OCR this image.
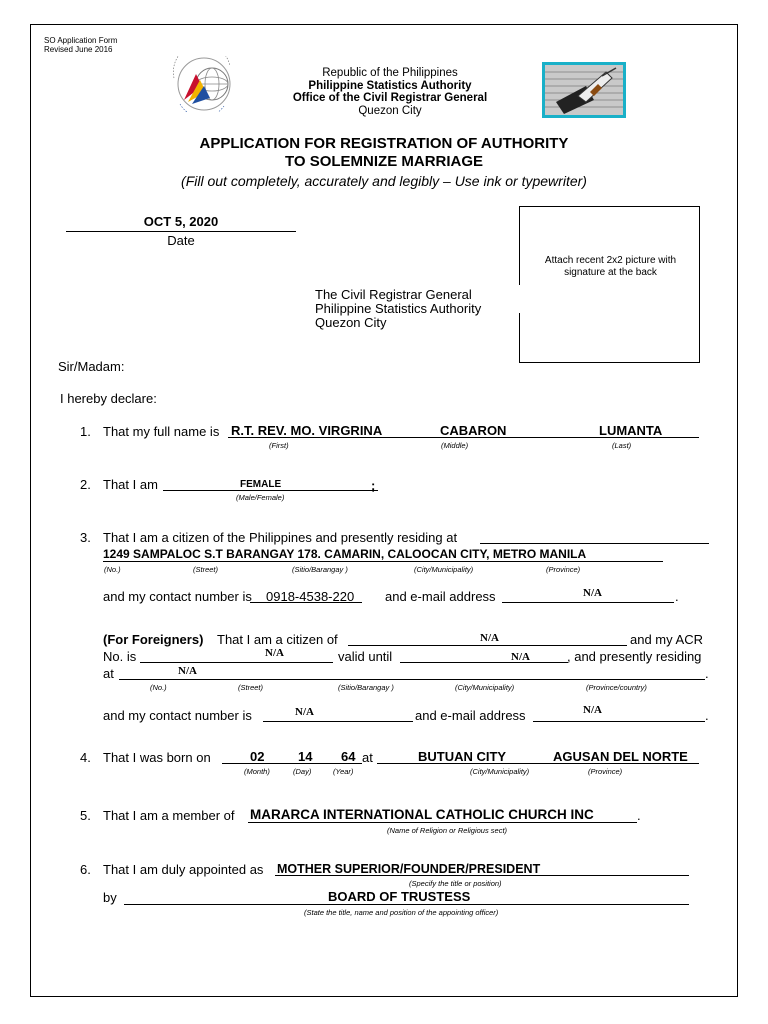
SO Application Form
Revised June 2016
Republic of the Philippines
Philippine Statistics Authority
Office of the Civil Registrar General
Quezon City
APPLICATION FOR REGISTRATION OF AUTHORITY
TO SOLEMNIZE MARRIAGE
(Fill out completely, accurately and legibly – Use ink or typewriter)
OCT 5, 2020
Date
Attach recent 2x2 picture with
signature at the back
The Civil Registrar General
Philippine Statistics Authority
Quezon City
Sir/Madam:
I hereby declare:
1. That my full name is R.T. REV. MO. VIRGRINA	CABARON	LUMANTA
(First)	(Middle)	(Last)
2. That I am	FEMALE	;
(Male/Female)
3. That I am a citizen of the Philippines and presently residing at
1249 SAMPALOC S.T BARANGAY 178. CAMARIN, CALOOCAN CITY, METRO MANILA
(No.)	(Street)	(Sitio/Barangay )	(City/Municipality)	(Province)
and my contact number is 0918-4538-220 and e-mail address	N/A	.
(For Foreigners) That I am a citizen of	N/A	and my ACR
No. is	N/A	valid until	N/A	, and presently residing
at	N/A	.
(No.)	(Street)	(Sitio/Barangay )	(City/Municipality)	(Province/country)
and my contact number is	N/A	and e-mail address	N/A	.
4. That I was born on	02	14 64 at	BUTUAN CITY	AGUSAN DEL NORTE
(Month)	(Day)	(Year)	(City/Municipality)	(Province)
5. That I am a member of MARARCA INTERNATIONAL CATHOLIC CHURCH INC	.
(Name of Religion or Religious sect)
6. That I am duly appointed as MOTHER SUPERIOR/FOUNDER/PRESIDENT
(Specify the title or position)
by	BOARD OF TRUSTESS
(State the title, name and position of the appointing officer)
